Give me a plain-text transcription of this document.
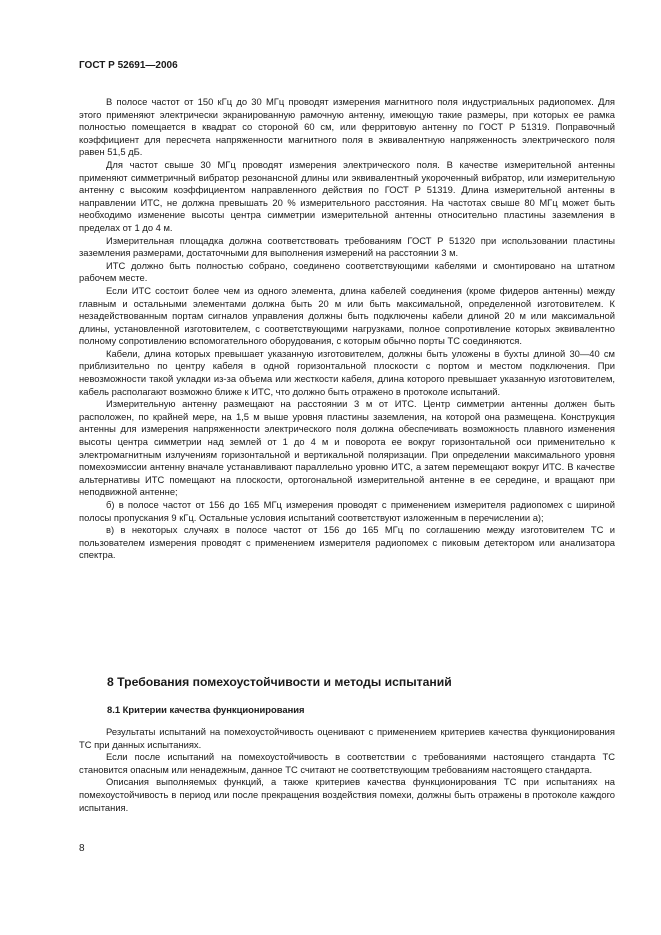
ГОСТ Р 52691—2006

В полосе частот от 150 кГц до 30 МГц проводят измерения магнитного поля индустриальных радиопомех. Для этого применяют электрически экранированную рамочную антенну, имеющую такие размеры, при которых ее рамка полностью помещается в квадрат со стороной 60 см, или ферритовую антенну по ГОСТ Р 51319. Поправочный коэффициент для пересчета напряженности магнитного поля в эквивалентную напряженность электрического поля равен 51,5 дБ.

Для частот свыше 30 МГц проводят измерения электрического поля. В качестве измерительной антенны применяют симметричный вибратор резонансной длины или эквивалентный укороченный вибратор, или измерительную антенну с высоким коэффициентом направленного действия по ГОСТ Р 51319. Длина измерительной антенны в направлении ИТС, не должна превышать 20 % измерительного расстояния. На частотах свыше 80 МГц может быть необходимо изменение высоты центра симметрии измерительной антенны относительно пластины заземления в пределах от 1 до 4 м.

Измерительная площадка должна соответствовать требованиям ГОСТ Р 51320 при использовании пластины заземления размерами, достаточными для выполнения измерений на расстоянии 3 м.

ИТС должно быть полностью собрано, соединено соответствующими кабелями и смонтировано на штатном рабочем месте.

Если ИТС состоит более чем из одного элемента, длина кабелей соединения (кроме фидеров антенны) между главным и остальными элементами должна быть 20 м или быть максимальной, определенной изготовителем. К незадействованным портам сигналов управления должны быть подключены кабели длиной 20 м или максимальной длины, установленной изготовителем, с соответствующими нагрузками, полное сопротивление которых эквивалентно полному сопротивлению вспомогательного оборудования, с которым обычно порты ТС соединяются.

Кабели, длина которых превышает указанную изготовителем, должны быть уложены в бухты длиной 30—40 см приблизительно по центру кабеля в одной горизонтальной плоскости с портом и местом подключения. При невозможности такой укладки из-за объема или жесткости кабеля, длина которого превышает указанную изготовителем, кабель располагают возможно ближе к ИТС, что должно быть отражено в протоколе испытаний.

Измерительную антенну размещают на расстоянии 3 м от ИТС. Центр симметрии антенны должен быть расположен, по крайней мере, на 1,5 м выше уровня пластины заземления, на которой она размещена. Конструкция антенны для измерения напряженности электрического поля должна обеспечивать возможность плавного изменения высоты центра симметрии над землей от 1 до 4 м и поворота ее вокруг горизонтальной оси применительно к электромагнитным излучениям горизонтальной и вертикальной поляризации. При определении максимального уровня помехоэмиссии антенну вначале устанавливают параллельно уровню ИТС, а затем перемещают вокруг ИТС. В качестве альтернативы ИТС помещают на плоскости, ортогональной измерительной антенне в ее середине, и вращают при неподвижной антенне;

б) в полосе частот от 156 до 165 МГц измерения проводят с применением измерителя радиопомех с шириной полосы пропускания 9 кГц. Остальные условия испытаний соответствуют изложенным в перечислении а);

в) в некоторых случаях в полосе частот от 156 до 165 МГц по соглашению между изготовителем ТС и пользователем измерения проводят с применением измерителя радиопомех с пиковым детектором или анализатора спектра.

8 Требования помехоустойчивости и методы испытаний
8.1 Критерии качества функционирования

Результаты испытаний на помехоустойчивость оценивают с применением критериев качества функционирования ТС при данных испытаниях.

Если после испытаний на помехоустойчивость в соответствии с требованиями настоящего стандарта ТС становится опасным или ненадежным, данное ТС считают не соответствующим требованиям настоящего стандарта.

Описания выполняемых функций, а также критериев качества функционирования ТС при испытаниях на помехоустойчивость в период или после прекращения воздействия помехи, должны быть отражены в протоколе каждого испытания.

8
